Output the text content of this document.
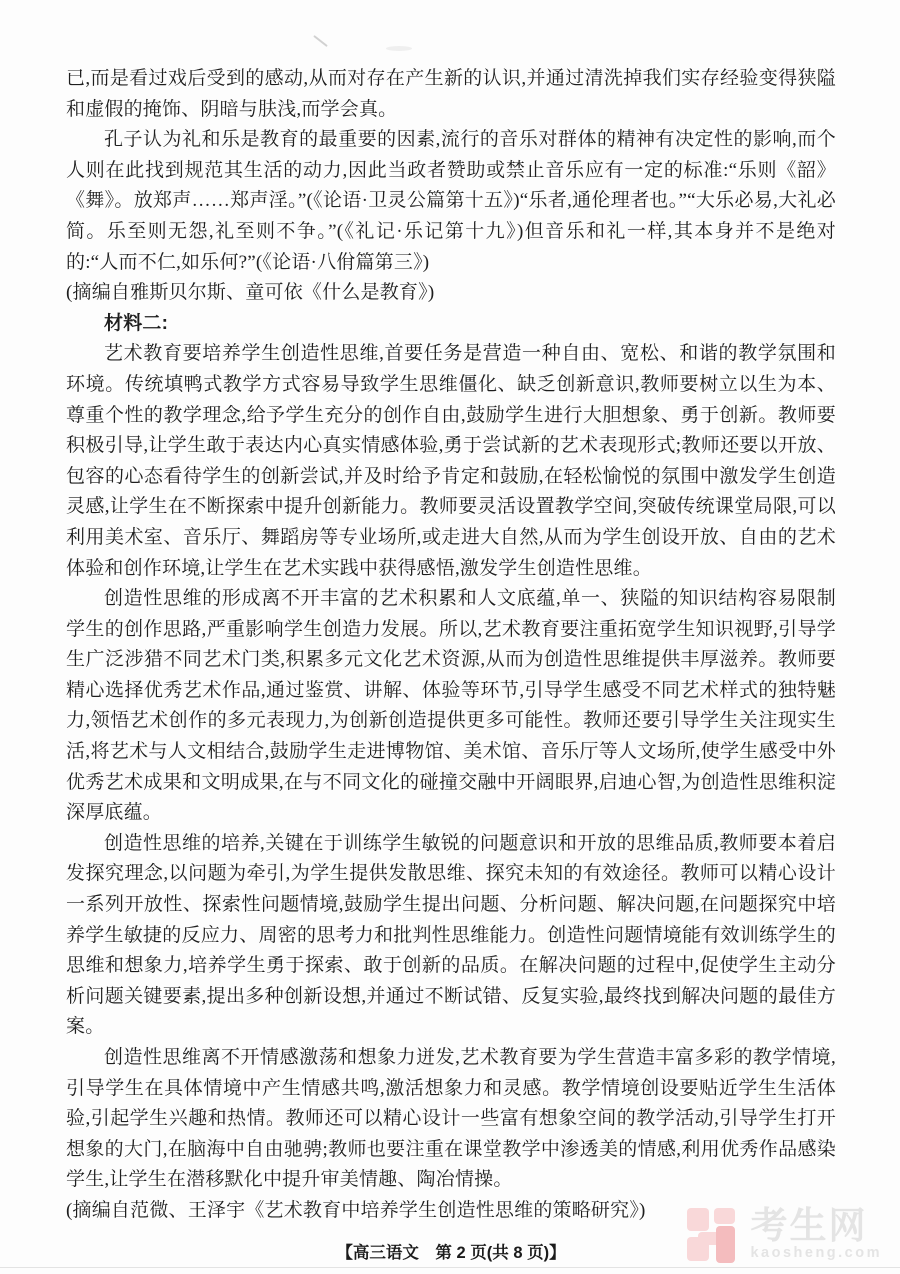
已,而是看过戏后受到的感动,从而对存在产生新的认识,并通过清洗掉我们实存经验变得狭隘和虚假的掩饰、阴暗与肤浅,而学会真。

孔子认为礼和乐是教育的最重要的因素,流行的音乐对群体的精神有决定性的影响,而个人则在此找到规范其生活的动力,因此当政者赞助或禁止音乐应有一定的标准:“乐则《韶》《舞》。放郑声……郑声淫。”(《论语·卫灵公篇第十五》)“乐者,通伦理者也。”“大乐必易,大礼必简。乐至则无怨,礼至则不争。”(《礼记·乐记第十九》)但音乐和礼一样,其本身并不是绝对的:“人而不仁,如乐何?”(《论语·八佾篇第三》)

(摘编自雅斯贝尔斯、童可依《什么是教育》)

材料二:

艺术教育要培养学生创造性思维,首要任务是营造一种自由、宽松、和谐的教学氛围和环境。传统填鸭式教学方式容易导致学生思维僵化、缺乏创新意识,教师要树立以生为本、尊重个性的教学理念,给予学生充分的创作自由,鼓励学生进行大胆想象、勇于创新。教师要积极引导,让学生敢于表达内心真实情感体验,勇于尝试新的艺术表现形式;教师还要以开放、包容的心态看待学生的创新尝试,并及时给予肯定和鼓励,在轻松愉悦的氛围中激发学生创造灵感,让学生在不断探索中提升创新能力。教师要灵活设置教学空间,突破传统课堂局限,可以利用美术室、音乐厅、舞蹈房等专业场所,或走进大自然,从而为学生创设开放、自由的艺术体验和创作环境,让学生在艺术实践中获得感悟,激发学生创造性思维。

创造性思维的形成离不开丰富的艺术积累和人文底蕴,单一、狭隘的知识结构容易限制学生的创作思路,严重影响学生创造力发展。所以,艺术教育要注重拓宽学生知识视野,引导学生广泛涉猎不同艺术门类,积累多元文化艺术资源,从而为创造性思维提供丰厚滋养。教师要精心选择优秀艺术作品,通过鉴赏、讲解、体验等环节,引导学生感受不同艺术样式的独特魅力,领悟艺术创作的多元表现力,为创新创造提供更多可能性。教师还要引导学生关注现实生活,将艺术与人文相结合,鼓励学生走进博物馆、美术馆、音乐厅等人文场所,使学生感受中外优秀艺术成果和文明成果,在与不同文化的碰撞交融中开阔眼界,启迪心智,为创造性思维积淀深厚底蕴。

创造性思维的培养,关键在于训练学生敏锐的问题意识和开放的思维品质,教师要本着启发探究理念,以问题为牵引,为学生提供发散思维、探究未知的有效途径。教师可以精心设计一系列开放性、探索性问题情境,鼓励学生提出问题、分析问题、解决问题,在问题探究中培养学生敏捷的反应力、周密的思考力和批判性思维能力。创造性问题情境能有效训练学生的思维和想象力,培养学生勇于探索、敢于创新的品质。在解决问题的过程中,促使学生主动分析问题关键要素,提出多种创新设想,并通过不断试错、反复实验,最终找到解决问题的最佳方案。

创造性思维离不开情感激荡和想象力迸发,艺术教育要为学生营造丰富多彩的教学情境,引导学生在具体情境中产生情感共鸣,激活想象力和灵感。教学情境创设要贴近学生生活体验,引起学生兴趣和热情。教师还可以精心设计一些富有想象空间的教学活动,引导学生打开想象的大门,在脑海中自由驰骋;教师也要注重在课堂教学中渗透美的情感,利用优秀作品感染学生,让学生在潜移默化中提升审美情趣、陶冶情操。

(摘编自范微、王泽宇《艺术教育中培养学生创造性思维的策略研究》)

【高三语文　第 2 页(共 8 页)】
考生网
kaosheng.com
